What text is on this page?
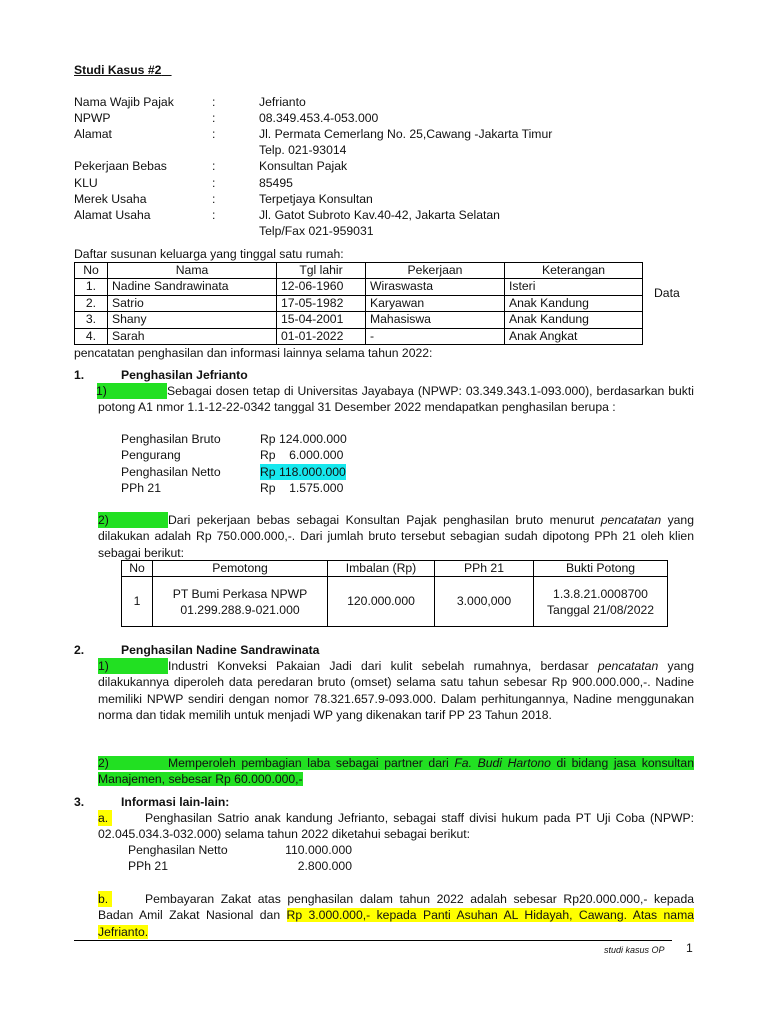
Studi Kasus #2
Nama Wajib Pajak	:	Jefrianto
NPWP	:	08.349.453.4-053.000
Alamat	:	Jl. Permata Cemerlang No. 25,Cawang -Jakarta Timur
Telp. 021-93014
Pekerjaan Bebas	:	Konsultan Pajak
KLU	:	85495
Merek Usaha	:	Terpetjaya Konsultan
Alamat Usaha	:	Jl. Gatot Subroto Kav.40-42, Jakarta Selatan
Telp/Fax 021-959031
Daftar susunan keluarga yang tinggal satu rumah:
No	Nama	Tgl lahir	Pekerjaan	Keterangan
1.	Nadine Sandrawinata	12-06-1960	Wiraswasta	Isteri
2.	Satrio	17-05-1982	Karyawan	Anak Kandung
3.	Shany	15-04-2001	Mahasiswa	Anak Kandung
4.	Sarah	01-01-2022	-	Anak Angkat
Data
pencatatan penghasilan dan informasi lainnya selama tahun 2022:
1.	Penghasilan Jefrianto
1)	Sebagai dosen tetap di Universitas Jayabaya (NPWP: 03.349.343.1-093.000), berdasarkan bukti potong A1 nmor 1.1-12-22-0342 tanggal 31 Desember 2022 mendapatkan penghasilan berupa :
Penghasilan Bruto	Rp 124.000.000
Pengurang	Rp    6.000.000
Penghasilan Netto	Rp 118.000.000
PPh 21	Rp    1.575.000
2)	Dari pekerjaan bebas sebagai Konsultan Pajak penghasilan bruto menurut pencatatan yang dilakukan adalah Rp 750.000.000,-. Dari jumlah bruto tersebut sebagian sudah dipotong PPh 21 oleh klien sebagai berikut:
No	Pemotong	Imbalan (Rp)	PPh 21	Bukti Potong
1	PT Bumi Perkasa NPWP 01.299.288.9-021.000	120.000.000	3.000,000	1.3.8.21.0008700
Tanggal 21/08/2022
2.	Penghasilan Nadine Sandrawinata
1)	Industri Konveksi Pakaian Jadi dari kulit sebelah rumahnya, berdasar pencatatan yang dilakukannya diperoleh data peredaran bruto (omset) selama satu tahun sebesar Rp 900.000.000,-. Nadine memiliki NPWP sendiri dengan nomor 78.321.657.9-093.000. Dalam perhitungannya, Nadine menggunakan norma dan tidak memilih untuk menjadi WP yang dikenakan tarif PP 23 Tahun 2018.
2)	Memperoleh pembagian laba sebagai partner dari Fa. Budi Hartono di bidang jasa konsultan Manajemen, sebesar Rp 60.000.000,-
3.	Informasi lain-lain:
a.	Penghasilan Satrio anak kandung Jefrianto, sebagai staff divisi hukum pada PT Uji Coba (NPWP: 02.045.034.3-032.000) selama tahun 2022 diketahui sebagai berikut:
Penghasilan Netto	110.000.000
PPh 21	2.800.000
b.	Pembayaran Zakat atas penghasilan dalam tahun 2022 adalah sebesar Rp20.000.000,- kepada Badan Amil Zakat Nasional dan Rp 3.000.000,- kepada Panti Asuhan AL Hidayah, Cawang. Atas nama Jefrianto.
studi kasus OP 1
